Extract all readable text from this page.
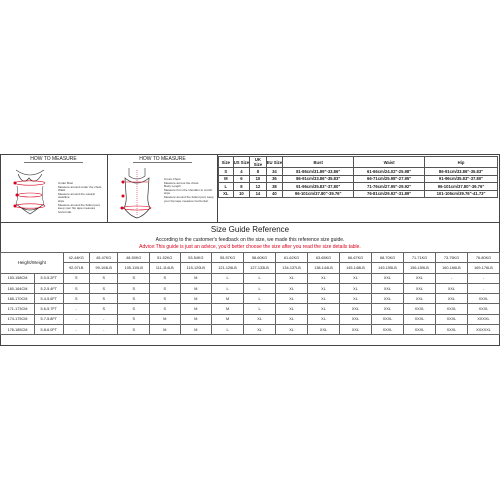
HOW TO MEASURE
Under Bust
Measure around under the chest.
Waist
Measure around the natural waistline.
Hips
Measure around the fullest part, keep your hip tape measure horizontal.
HOW TO MEASURE
Cross Chest
Measure across the chest.
Body Length
Measure from the shoulder to crotch.
Hips
Measure around the fullest part, keep your hip tape measure horizontal.
Size	US Size	UK Size	EU Size	Bust	Waist	Hip
S	4	8	34	81-86cm/31.89"-33.86"	61-66cm/24.02"-25.98"	86-91cm/33.86"-35.83"
M	6	10	36	86-91cm/33.86"-35.83"	66-71cm/25.98"-27.95"	91-96cm/35.83"-37.80"
L	8	12	38	91-96cm/35.83"-37.80"	71-76cm/27.95"-29.92"	96-101cm/37.80"-39.76"
XL	10	14	40	96-101cm/37.80"-39.76"	76-81cm/29.92"-31.89"	101-106cm/39.76"-41.73"
Size Guide Reference
According to the customer's feedback on the size, we made this reference size guide.
Advice:This guide is just an advice, you'd better choose the size after you read the size details table.
Height/Weight		42-44KG	45-47KG	48-50KG	51-52KG	53-54KG	55-57KG	58-60KG	61-62KG	63-65KG	66-67KG	68-70KG	71-71KG	73-75KG	76-80KG
		92-97LB	99-104LB	105-110LB	111-114LB	115-120LB	121-126LB	127-133LB	134-137LB	138-144LB	145-148LB	149-155LB	156-159LB	160-166LB	169-176LB
153-158CM	5.0-5.2FT	S	S	S	S	M	L	L	XL	XL	XL	XXL	XXL	-	-
160-164CM	5.2-5.4FT	S	S	S	S	M	L	L	XL	XL	XL	XXL	XXL	XXL	-
165-170CM	5.4-5.6FT	S	S	S	S	M	M	L	XL	XL	XL	XXL	XXL	XXL	XXXL
171-173CM	5.6-5.7FT	-	S	S	S	M	M	L	XL	XL	XXL	XXL	XXXL	XXXL	XXXL
174-175CM	5.7-5.8FT	-	-	S	M	M	M	XL	XL	XL	XXL	XXXL	XXXL	XXXL	XXXXL
176-185CM	5.8-6.0FT	-	-	S	M	M	L	XL	XL	XXL	XXL	XXXL	XXXL	XXXL	XXXXXL
